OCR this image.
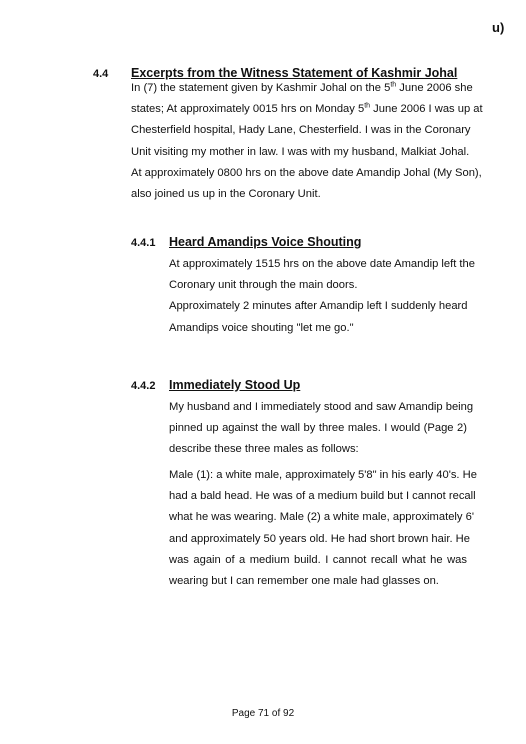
u)
4.4 Excerpts from the Witness Statement of Kashmir Johal
In (7) the statement given by Kashmir Johal on the 5th June 2006 she
states; At approximately 0015 hrs on Monday 5th June 2006 I was up at
Chesterfield hospital, Hady Lane, Chesterfield. I was in the Coronary
Unit visiting my mother in law. I was with my husband, Malkiat Johal.
At approximately 0800 hrs on the above date Amandip Johal (My Son),
also joined us up in the Coronary Unit.
4.4.1 Heard Amandips Voice Shouting
At approximately 1515 hrs on the above date Amandip left the
Coronary unit through the main doors.
Approximately 2 minutes after Amandip left I suddenly heard
Amandips voice shouting "let me go."
4.4.2 Immediately Stood Up
My husband and I immediately stood and saw Amandip being
pinned up against the wall by three males. I would (Page 2)
describe these three males as follows:
Male (1): a white male, approximately 5'8" in his early 40's. He
had a bald head. He was of a medium build but I cannot recall
what he was wearing. Male (2) a white male, approximately 6'
and approximately 50 years old. He had short brown hair. He
was again of a medium build. I cannot recall what he was
wearing but I can remember one male had glasses on.
Page 71 of 92
